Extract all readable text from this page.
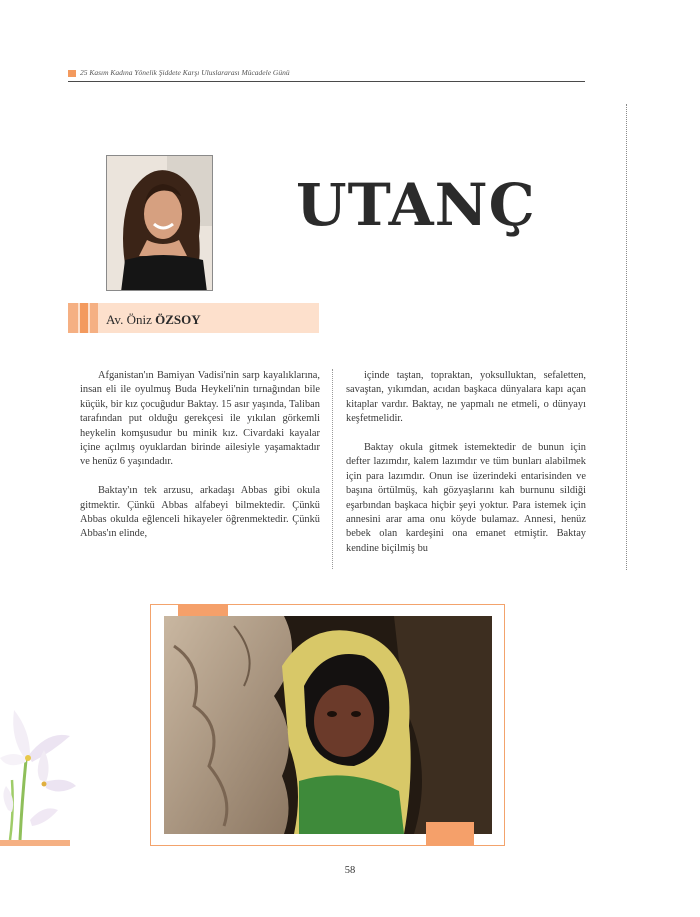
25 Kasım Kadına Yönelik Şiddete Karşı Uluslararası Mücadele Günü
UTANÇ
Av. Öniz ÖZSOY

Afganistan'ın Bamiyan Vadisi'nin sarp kayalıklarına, insan eli ile oyulmuş Buda Heykeli'nin tırnağından bile küçük, bir kız çocuğudur Baktay. 15 asır yaşında, Taliban tarafından put olduğu gerekçesi ile yıkılan görkemli heykelin komşusudur bu minik kız. Civardaki kayalar içine açılmış oyuklardan birinde ailesiyle yaşamaktadır ve henüz 6 yaşındadır.

Baktay'ın tek arzusu, arkadaşı Abbas gibi okula gitmektir. Çünkü Abbas alfabeyi bilmektedir. Çünkü Abbas okulda eğlenceli hikayeler öğrenmektedir. Çünkü Abbas'ın elinde,

içinde taştan, topraktan, yoksulluktan, sefaletten, savaştan, yıkımdan, acıdan başkaca dünyalara kapı açan kitaplar vardır. Baktay, ne yapmalı ne etmeli, o dünyayı keşfetmelidir.

Baktay okula gitmek istemektedir de bunun için defter lazımdır, kalem lazımdır ve tüm bunları alabilmek için para lazımdır. Onun ise üzerindeki entarisinden ve başına örtülmüş, kah gözyaşlarını kah burnunu sildiği eşarbından başkaca hiçbir şeyi yoktur. Para istemek için annesini arar ama onu köyde bulamaz. Annesi, henüz bebek olan kardeşini ona emanet etmiştir. Baktay kendine biçilmiş bu

58
